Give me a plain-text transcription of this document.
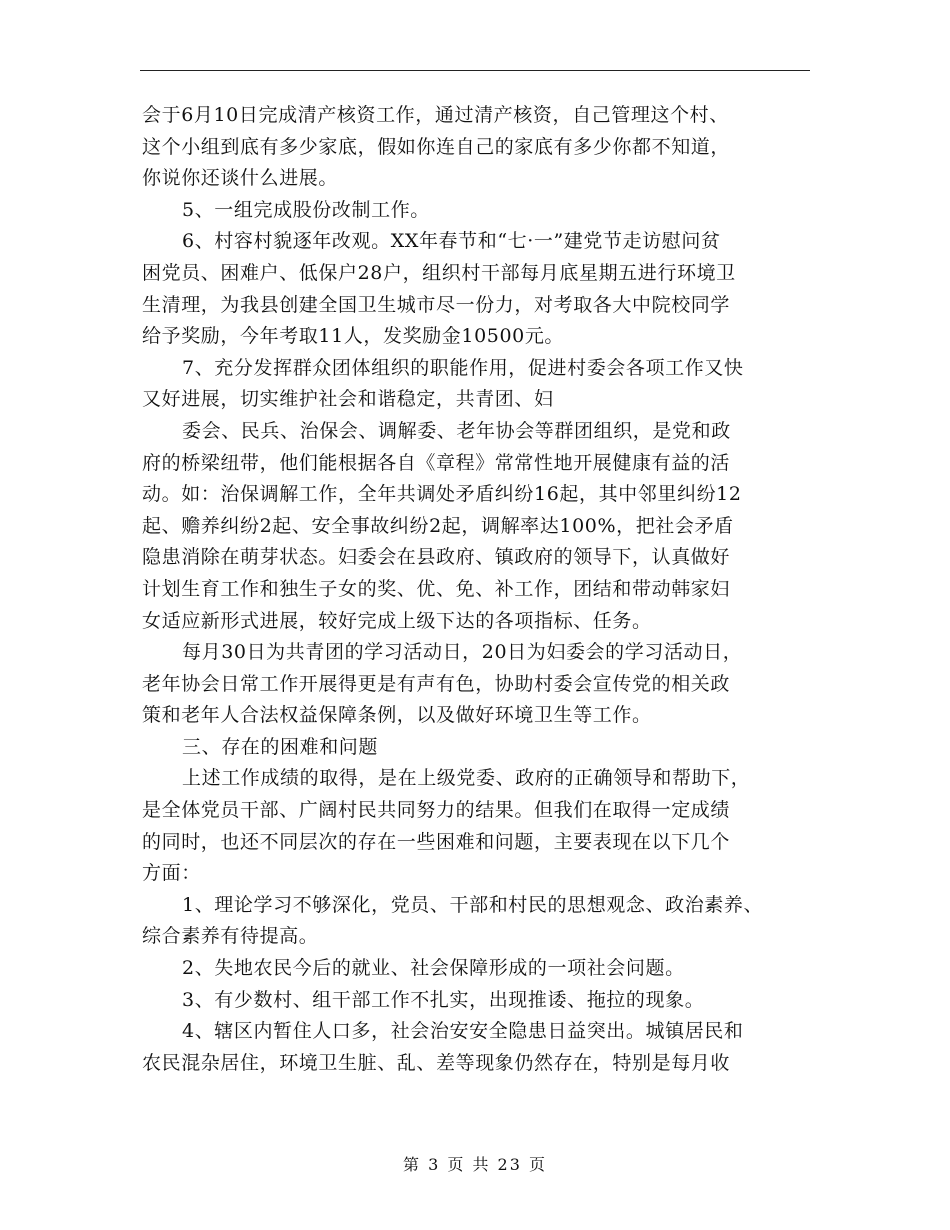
会于6月10日完成清产核资工作，通过清产核资，自己管理这个村、
这个小组到底有多少家底，假如你连自己的家底有多少你都不知道，
你说你还谈什么进展。
5、一组完成股份改制工作。
6、村容村貌逐年改观。XX年春节和“七·一”建党节走访慰问贫
困党员、困难户、低保户28户，组织村干部每月底星期五进行环境卫
生清理，为我县创建全国卫生城市尽一份力，对考取各大中院校同学
给予奖励，今年考取11人，发奖励金10500元。
7、充分发挥群众团体组织的职能作用，促进村委会各项工作又快
又好进展，切实维护社会和谐稳定，共青团、妇
委会、民兵、治保会、调解委、老年协会等群团组织，是党和政
府的桥梁纽带，他们能根据各自《章程》常常性地开展健康有益的活
动。如：治保调解工作，全年共调处矛盾纠纷16起，其中邻里纠纷12
起、赡养纠纷2起、安全事故纠纷2起，调解率达100%，把社会矛盾
隐患消除在萌芽状态。妇委会在县政府、镇政府的领导下，认真做好
计划生育工作和独生子女的奖、优、免、补工作，团结和带动韩家妇
女适应新形式进展，较好完成上级下达的各项指标、任务。
每月30日为共青团的学习活动日，20日为妇委会的学习活动日，
老年协会日常工作开展得更是有声有色，协助村委会宣传党的相关政
策和老年人合法权益保障条例，以及做好环境卫生等工作。
三、存在的困难和问题
上述工作成绩的取得，是在上级党委、政府的正确领导和帮助下，
是全体党员干部、广阔村民共同努力的结果。但我们在取得一定成绩
的同时，也还不同层次的存在一些困难和问题，主要表现在以下几个
方面：
1、理论学习不够深化，党员、干部和村民的思想观念、政治素养、
综合素养有待提高。
2、失地农民今后的就业、社会保障形成的一项社会问题。
3、有少数村、组干部工作不扎实，出现推诿、拖拉的现象。
4、辖区内暂住人口多，社会治安安全隐患日益突出。城镇居民和
农民混杂居住，环境卫生脏、乱、差等现象仍然存在，特别是每月收
第 3 页 共 23 页
